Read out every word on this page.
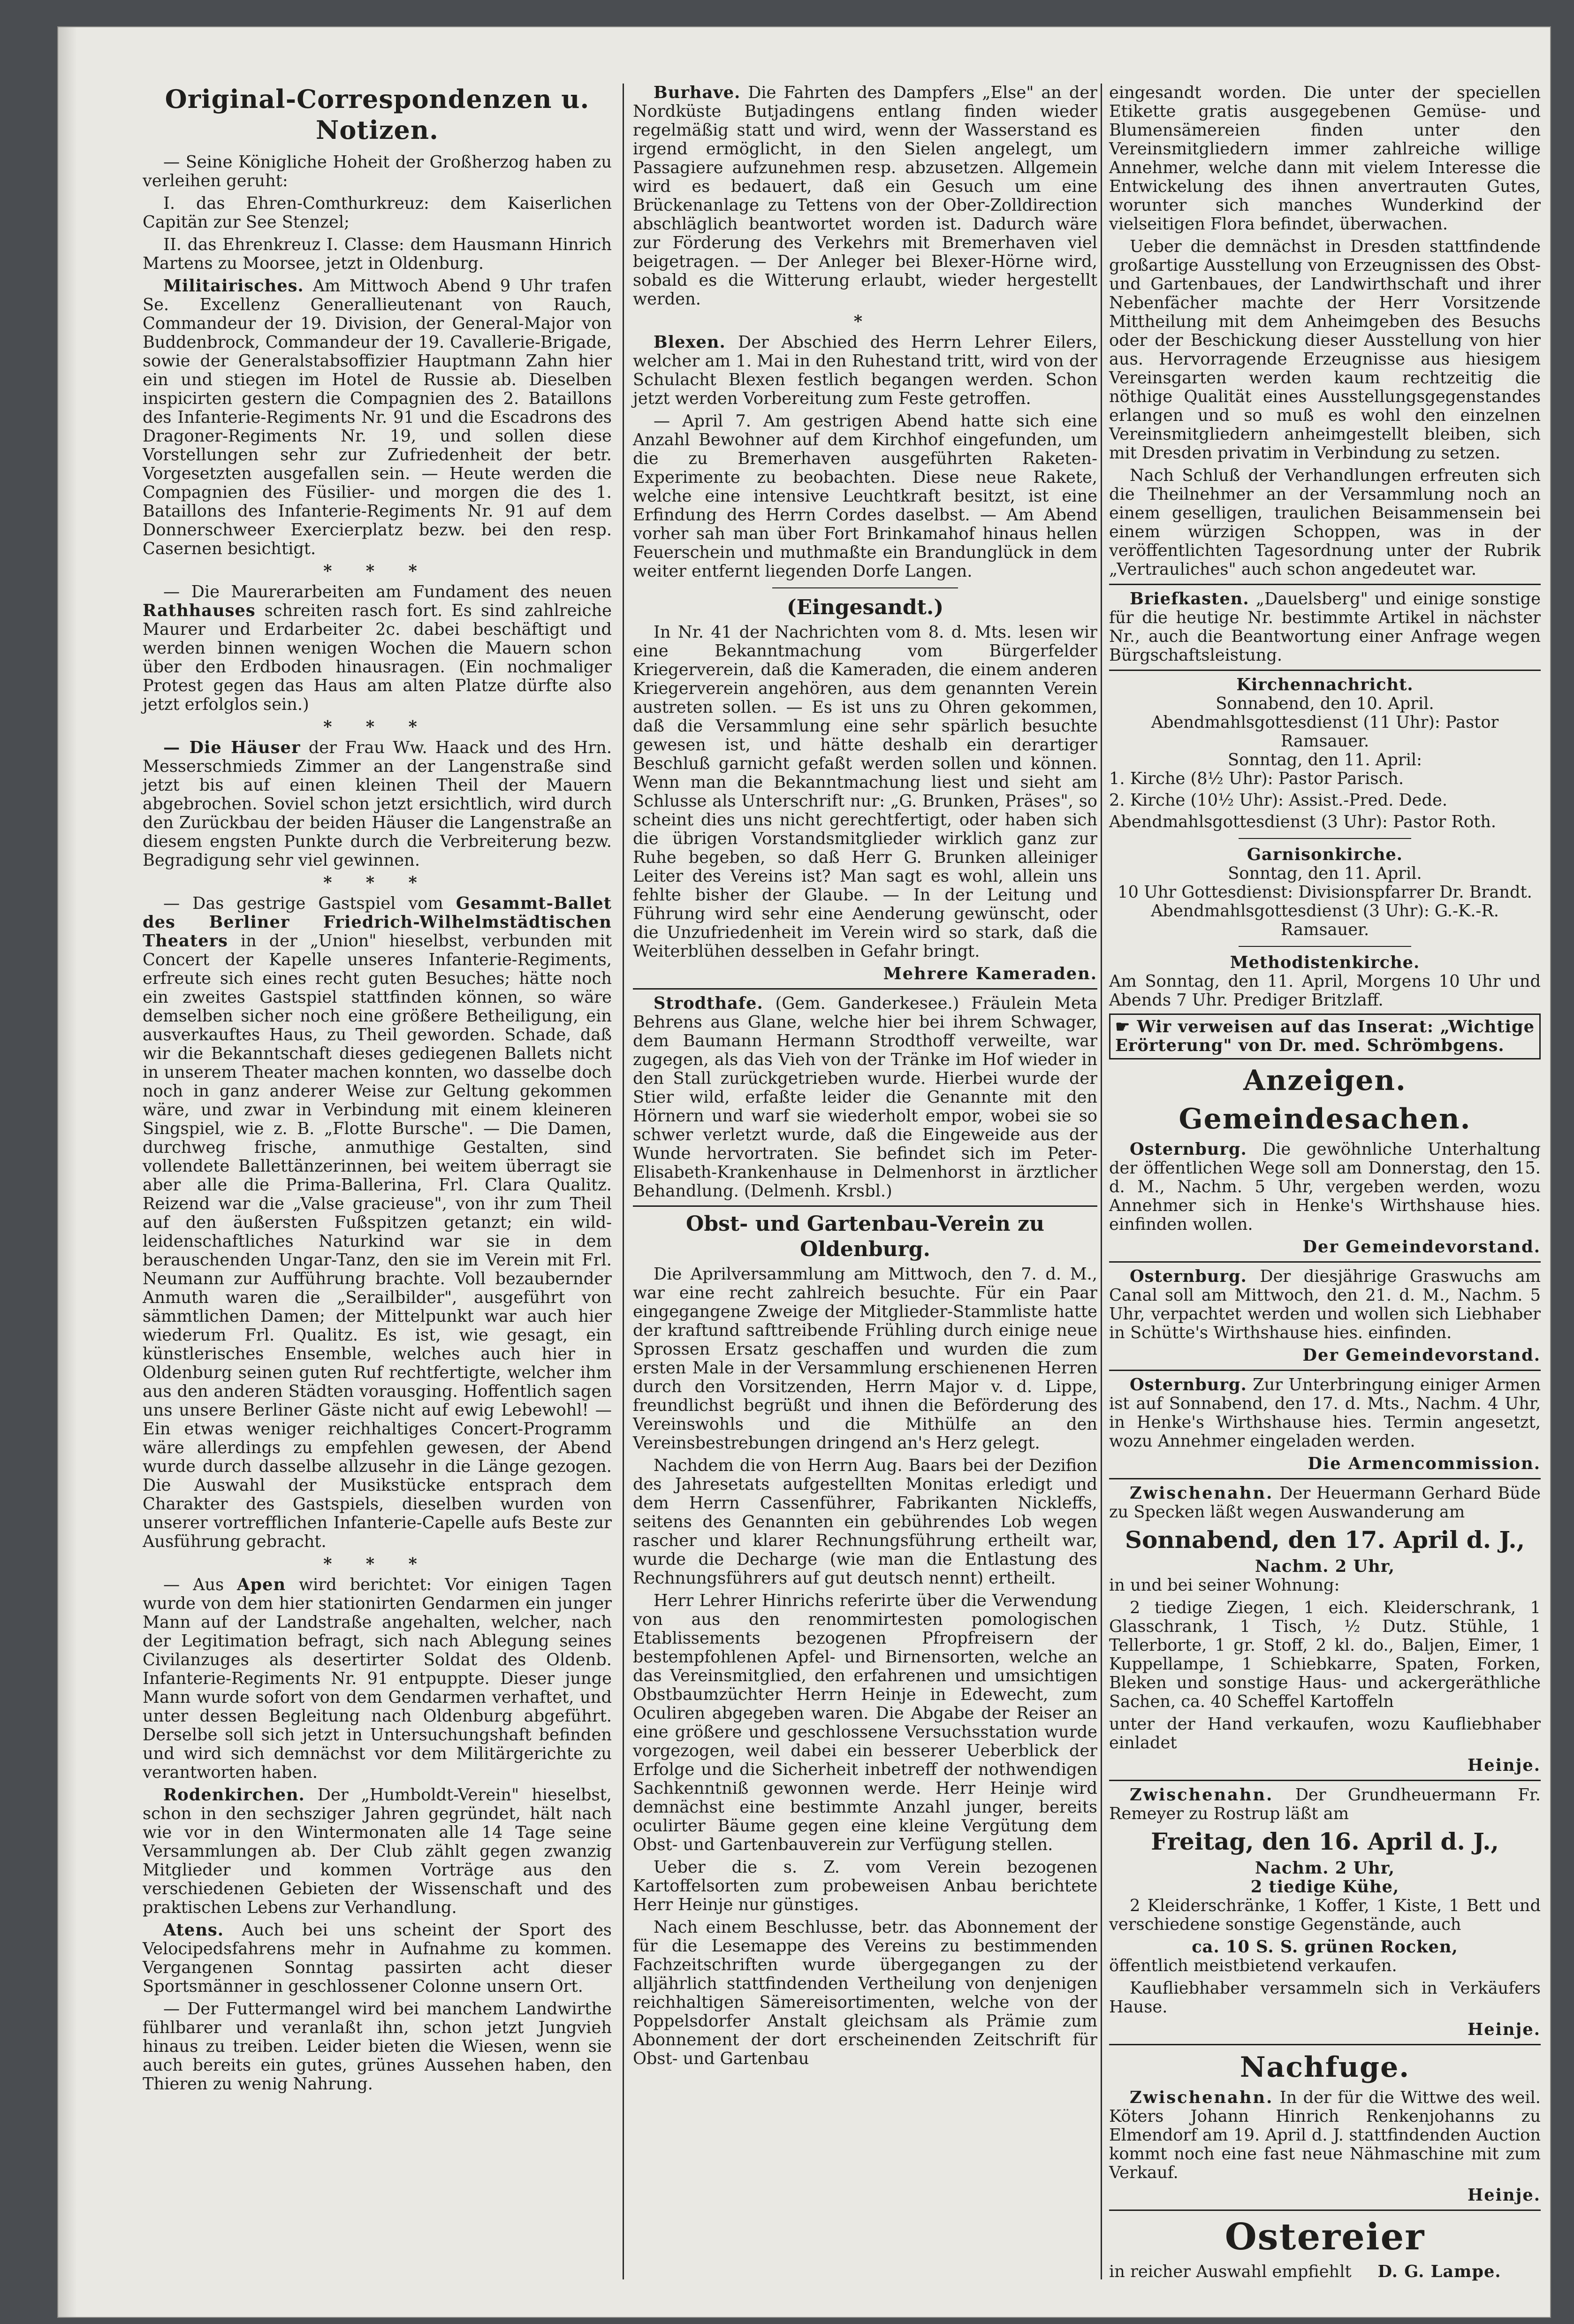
Original-Correspondenzen u. Notizen.

— Seine Königliche Hoheit der Großherzog haben zu verleihen geruht:

I. das Ehren-Comthurkreuz: dem Kaiserlichen Capitän zur See Stenzel;

II. das Ehrenkreuz I. Classe: dem Hausmann Hinrich Martens zu Moorsee, jetzt in Oldenburg.

Militairisches. Am Mittwoch Abend 9 Uhr trafen Se. Excellenz Generallieutenant von Rauch, Commandeur der 19. Division, der General-Major von Buddenbrock, Commandeur der 19. Cavallerie-Brigade, sowie der Generalstabsoffizier Hauptmann Zahn hier ein und stiegen im Hotel de Russie ab. Dieselben inspicirten gestern die Compagnien des 2. Bataillons des Infanterie-Regiments Nr. 91 und die Escadrons des Dragoner-Regiments Nr. 19, und sollen diese Vorstellungen sehr zur Zufriedenheit der betr. Vorgesetzten ausgefallen sein. — Heute werden die Compagnien des Füsilier- und morgen die des 1. Bataillons des Infanterie-Regiments Nr. 91 auf dem Donnerschweer Exercierplatz bezw. bei den resp. Casernen besichtigt.

* * *

— Die Maurerarbeiten am Fundament des neuen Rathhauses schreiten rasch fort. Es sind zahlreiche Maurer und Erdarbeiter 2c. dabei beschäftigt und werden binnen wenigen Wochen die Mauern schon über den Erdboden hinausragen. (Ein nochmaliger Protest gegen das Haus am alten Platze dürfte also jetzt erfolglos sein.)

* * *

— Die Häuser der Frau Ww. Haack und des Hrn. Messerschmieds Zimmer an der Langenstraße sind jetzt bis auf einen kleinen Theil der Mauern abgebrochen. Soviel schon jetzt ersichtlich, wird durch den Zurückbau der beiden Häuser die Langenstraße an diesem engsten Punkte durch die Verbreiterung bezw. Begradigung sehr viel gewinnen.

* * *

— Das gestrige Gastspiel vom Gesammt-Ballet des Berliner Friedrich-Wilhelmstädtischen Theaters in der „Union" hieselbst, verbunden mit Concert der Kapelle unseres Infanterie-Regiments, erfreute sich eines recht guten Besuches; hätte noch ein zweites Gastspiel stattfinden können, so wäre demselben sicher noch eine größere Betheiligung, ein ausverkauftes Haus, zu Theil geworden. Schade, daß wir die Bekanntschaft dieses gediegenen Ballets nicht in unserem Theater machen konnten, wo dasselbe doch noch in ganz anderer Weise zur Geltung gekommen wäre, und zwar in Verbindung mit einem kleineren Singspiel, wie z. B. „Flotte Bursche". — Die Damen, durchweg frische, anmuthige Gestalten, sind vollendete Ballettänzerinnen, bei weitem überragt sie aber alle die Prima-Ballerina, Frl. Clara Qualitz. Reizend war die „Valse gracieuse", von ihr zum Theil auf den äußersten Fußspitzen getanzt; ein wild-leidenschaftliches Naturkind war sie in dem berauschenden Ungar-Tanz, den sie im Verein mit Frl. Neumann zur Aufführung brachte. Voll bezaubernder Anmuth waren die „Serailbilder", ausgeführt von sämmtlichen Damen; der Mittelpunkt war auch hier wiederum Frl. Qualitz. Es ist, wie gesagt, ein künstlerisches Ensemble, welches auch hier in Oldenburg seinen guten Ruf rechtfertigte, welcher ihm aus den anderen Städten vorausging. Hoffentlich sagen uns unsere Berliner Gäste nicht auf ewig Lebewohl! — Ein etwas weniger reichhaltiges Concert-Programm wäre allerdings zu empfehlen gewesen, der Abend wurde durch dasselbe allzusehr in die Länge gezogen. Die Auswahl der Musikstücke entsprach dem Charakter des Gastspiels, dieselben wurden von unserer vortrefflichen Infanterie-Capelle aufs Beste zur Ausführung gebracht.

* * *

— Aus Apen wird berichtet: Vor einigen Tagen wurde von dem hier stationirten Gendarmen ein junger Mann auf der Landstraße angehalten, welcher, nach der Legitimation befragt, sich nach Ablegung seines Civilanzuges als desertirter Soldat des Oldenb. Infanterie-Regiments Nr. 91 entpuppte. Dieser junge Mann wurde sofort von dem Gendarmen verhaftet, und unter dessen Begleitung nach Oldenburg abgeführt. Derselbe soll sich jetzt in Untersuchungshaft befinden und wird sich demnächst vor dem Militärgerichte zu verantworten haben.

Rodenkirchen. Der „Humboldt-Verein" hieselbst, schon in den sechsziger Jahren gegründet, hält nach wie vor in den Wintermonaten alle 14 Tage seine Versammlungen ab. Der Club zählt gegen zwanzig Mitglieder und kommen Vorträge aus den verschiedenen Gebieten der Wissenschaft und des praktischen Lebens zur Verhandlung.

Atens. Auch bei uns scheint der Sport des Velocipedsfahrens mehr in Aufnahme zu kommen. Vergangenen Sonntag passirten acht dieser Sportsmänner in geschlossener Colonne unsern Ort.

— Der Futtermangel wird bei manchem Landwirthe fühlbarer und veranlaßt ihn, schon jetzt Jungvieh hinaus zu treiben. Leider bieten die Wiesen, wenn sie auch bereits ein gutes, grünes Aussehen haben, den Thieren zu wenig Nahrung.

Burhave. Die Fahrten des Dampfers „Else" an der Nordküste Butjadingens entlang finden wieder regelmäßig statt und wird, wenn der Wasserstand es irgend ermöglicht, in den Sielen angelegt, um Passagiere aufzunehmen resp. abzusetzen. Allgemein wird es bedauert, daß ein Gesuch um eine Brückenanlage zu Tettens von der Ober-Zolldirection abschläglich beantwortet worden ist. Dadurch wäre zur Förderung des Verkehrs mit Bremerhaven viel beigetragen. — Der Anleger bei Blexer-Hörne wird, sobald es die Witterung erlaubt, wieder hergestellt werden.

*

Blexen. Der Abschied des Herrn Lehrer Eilers, welcher am 1. Mai in den Ruhestand tritt, wird von der Schulacht Blexen festlich begangen werden. Schon jetzt werden Vorbereitung zum Feste getroffen.

— April 7. Am gestrigen Abend hatte sich eine Anzahl Bewohner auf dem Kirchhof eingefunden, um die zu Bremerhaven ausgeführten Raketen-Experimente zu beobachten. Diese neue Rakete, welche eine intensive Leuchtkraft besitzt, ist eine Erfindung des Herrn Cordes daselbst. — Am Abend vorher sah man über Fort Brinkamahof hinaus hellen Feuerschein und muthmaßte ein Brandunglück in dem weiter entfernt liegenden Dorfe Langen.

(Eingesandt.)

In Nr. 41 der Nachrichten vom 8. d. Mts. lesen wir eine Bekanntmachung vom Bürgerfelder Kriegerverein, daß die Kameraden, die einem anderen Kriegerverein angehören, aus dem genannten Verein austreten sollen. — Es ist uns zu Ohren gekommen, daß die Versammlung eine sehr spärlich besuchte gewesen ist, und hätte deshalb ein derartiger Beschluß garnicht gefaßt werden sollen und können. Wenn man die Bekanntmachung liest und sieht am Schlusse als Unterschrift nur: „G. Brunken, Präses", so scheint dies uns nicht gerechtfertigt, oder haben sich die übrigen Vorstandsmitglieder wirklich ganz zur Ruhe begeben, so daß Herr G. Brunken alleiniger Leiter des Vereins ist? Man sagt es wohl, allein uns fehlte bisher der Glaube. — In der Leitung und Führung wird sehr eine Aenderung gewünscht, oder die Unzufriedenheit im Verein wird so stark, daß die Weiterblühen desselben in Gefahr bringt.

Mehrere Kameraden.

Strodthafe. (Gem. Ganderkesee.) Fräulein Meta Behrens aus Glane, welche hier bei ihrem Schwager, dem Baumann Hermann Strodthoff verweilte, war zugegen, als das Vieh von der Tränke im Hof wieder in den Stall zurückgetrieben wurde. Hierbei wurde der Stier wild, erfaßte leider die Genannte mit den Hörnern und warf sie wiederholt empor, wobei sie so schwer verletzt wurde, daß die Eingeweide aus der Wunde hervortraten. Sie befindet sich im Peter-Elisabeth-Krankenhause in Delmenhorst in ärztlicher Behandlung. (Delmenh. Krsbl.)

Obst- und Gartenbau-Verein zu Oldenburg.

Die Aprilversammlung am Mittwoch, den 7. d. M., war eine recht zahlreich besuchte. Für ein Paar eingegangene Zweige der Mitglieder-Stammliste hatte der kraftund safttreibende Frühling durch einige neue Sprossen Ersatz geschaffen und wurden die zum ersten Male in der Versammlung erschienenen Herren durch den Vorsitzenden, Herrn Major v. d. Lippe, freundlichst begrüßt und ihnen die Beförderung des Vereinswohls und die Mithülfe an den Vereinsbestrebungen dringend an's Herz gelegt.

Nachdem die von Herrn Aug. Baars bei der Dezifion des Jahresetats aufgestellten Monitas erledigt und dem Herrn Cassenführer, Fabrikanten Nickleffs, seitens des Genannten ein gebührendes Lob wegen rascher und klarer Rechnungsführung ertheilt war, wurde die Decharge (wie man die Entlastung des Rechnungsführers auf gut deutsch nennt) ertheilt.

Herr Lehrer Hinrichs referirte über die Verwendung von aus den renommirtesten pomologischen Etablissements bezogenen Pfropfreisern der bestempfohlenen Apfel- und Birnensorten, welche an das Vereinsmitglied, den erfahrenen und umsichtigen Obstbaumzüchter Herrn Heinje in Edewecht, zum Oculiren abgegeben waren. Die Abgabe der Reiser an eine größere und geschlossene Versuchsstation wurde vorgezogen, weil dabei ein besserer Ueberblick der Erfolge und die Sicherheit inbetreff der nothwendigen Sachkenntniß gewonnen werde. Herr Heinje wird demnächst eine bestimmte Anzahl junger, bereits oculirter Bäume gegen eine kleine Vergütung dem Obst- und Gartenbauverein zur Verfügung stellen.

Ueber die s. Z. vom Verein bezogenen Kartoffelsorten zum probeweisen Anbau berichtete Herr Heinje nur günstiges.

Nach einem Beschlusse, betr. das Abonnement der für die Lesemappe des Vereins zu bestimmenden Fachzeitschriften wurde übergegangen zu der alljährlich stattfindenden Vertheilung von denjenigen reichhaltigen Sämereisortimenten, welche von der Poppelsdorfer Anstalt gleichsam als Prämie zum Abonnement der dort erscheinenden Zeitschrift für Obst- und Gartenbau

eingesandt worden. Die unter der speciellen Etikette gratis ausgegebenen Gemüse- und Blumensämereien finden unter den Vereinsmitgliedern immer zahlreiche willige Annehmer, welche dann mit vielem Interesse die Entwickelung des ihnen anvertrauten Gutes, worunter sich manches Wunderkind der vielseitigen Flora befindet, überwachen.

Ueber die demnächst in Dresden stattfindende großartige Ausstellung von Erzeugnissen des Obst- und Gartenbaues, der Landwirthschaft und ihrer Nebenfächer machte der Herr Vorsitzende Mittheilung mit dem Anheimgeben des Besuchs oder der Beschickung dieser Ausstellung von hier aus. Hervorragende Erzeugnisse aus hiesigem Vereinsgarten werden kaum rechtzeitig die nöthige Qualität eines Ausstellungsgegenstandes erlangen und so muß es wohl den einzelnen Vereinsmitgliedern anheimgestellt bleiben, sich mit Dresden privatim in Verbindung zu setzen.

Nach Schluß der Verhandlungen erfreuten sich die Theilnehmer an der Versammlung noch an einem geselligen, traulichen Beisammensein bei einem würzigen Schoppen, was in der veröffentlichten Tagesordnung unter der Rubrik „Vertrauliches" auch schon angedeutet war.

Briefkasten. „Dauelsberg" und einige sonstige für die heutige Nr. bestimmte Artikel in nächster Nr., auch die Beantwortung einer Anfrage wegen Bürgschaftsleistung.

Kirchennachricht.
Sonnabend, den 10. April.
Abendmahlsgottesdienst (11 Uhr): Pastor Ramsauer.
Sonntag, den 11. April:
1. Kirche (8½ Uhr): Pastor Parisch.
2. Kirche (10½ Uhr): Assist.-Pred. Dede.
Abendmahlsgottesdienst (3 Uhr): Pastor Roth.
Garnisonkirche.
Sonntag, den 11. April.
10 Uhr Gottesdienst: Divisionspfarrer Dr. Brandt.
Abendmahlsgottesdienst (3 Uhr): G.-K.-R. Ramsauer.
Methodistenkirche.

Am Sonntag, den 11. April, Morgens 10 Uhr und Abends 7 Uhr. Prediger Britzlaff.

☛ Wir verweisen auf das Inserat: „Wichtige Erörterung" von Dr. med. Schrömbgens.
Anzeigen.
Gemeindesachen.

Osternburg. Die gewöhnliche Unterhaltung der öffentlichen Wege soll am Donnerstag, den 15. d. M., Nachm. 5 Uhr, vergeben werden, wozu Annehmer sich in Henke's Wirthshause hies. einfinden wollen.

Der Gemeindevorstand.

Osternburg. Der diesjährige Graswuchs am Canal soll am Mittwoch, den 21. d. M., Nachm. 5 Uhr, verpachtet werden und wollen sich Liebhaber in Schütte's Wirthshause hies. einfinden.

Der Gemeindevorstand.

Osternburg. Zur Unterbringung einiger Armen ist auf Sonnabend, den 17. d. Mts., Nachm. 4 Uhr, in Henke's Wirthshause hies. Termin angesetzt, wozu Annehmer eingeladen werden.

Die Armencommission.

Zwischenahn. Der Heuermann Gerhard Büde zu Specken läßt wegen Auswanderung am

Sonnabend, den 17. April d. J.,
Nachm. 2 Uhr,

in und bei seiner Wohnung:

2 tiedige Ziegen, 1 eich. Kleiderschrank, 1 Glasschrank, 1 Tisch, ½ Dutz. Stühle, 1 Tellerborte, 1 gr. Stoff, 2 kl. do., Baljen, Eimer, 1 Kuppellampe, 1 Schiebkarre, Spaten, Forken, Bleken und sonstige Haus- und ackergeräthliche Sachen, ca. 40 Scheffel Kartoffeln

unter der Hand verkaufen, wozu Kaufliebhaber einladet

Heinje.

Zwischenahn. Der Grundheuermann Fr. Remeyer zu Rostrup läßt am

Freitag, den 16. April d. J.,
Nachm. 2 Uhr,
2 tiedige Kühe,

2 Kleiderschränke, 1 Koffer, 1 Kiste, 1 Bett und verschiedene sonstige Gegenstände, auch

ca. 10 S. S. grünen Rocken,

öffentlich meistbietend verkaufen.

Kaufliebhaber versammeln sich in Verkäufers Hause.

Heinje.
Nachfuge.

Zwischenahn. In der für die Wittwe des weil. Köters Johann Hinrich Renkenjohanns zu Elmendorf am 19. April d. J. stattfindenden Auction kommt noch eine fast neue Nähmaschine mit zum Verkauf.

Heinje.
Ostereier

in reicher Auswahl empfiehlt D. G. Lampe.
